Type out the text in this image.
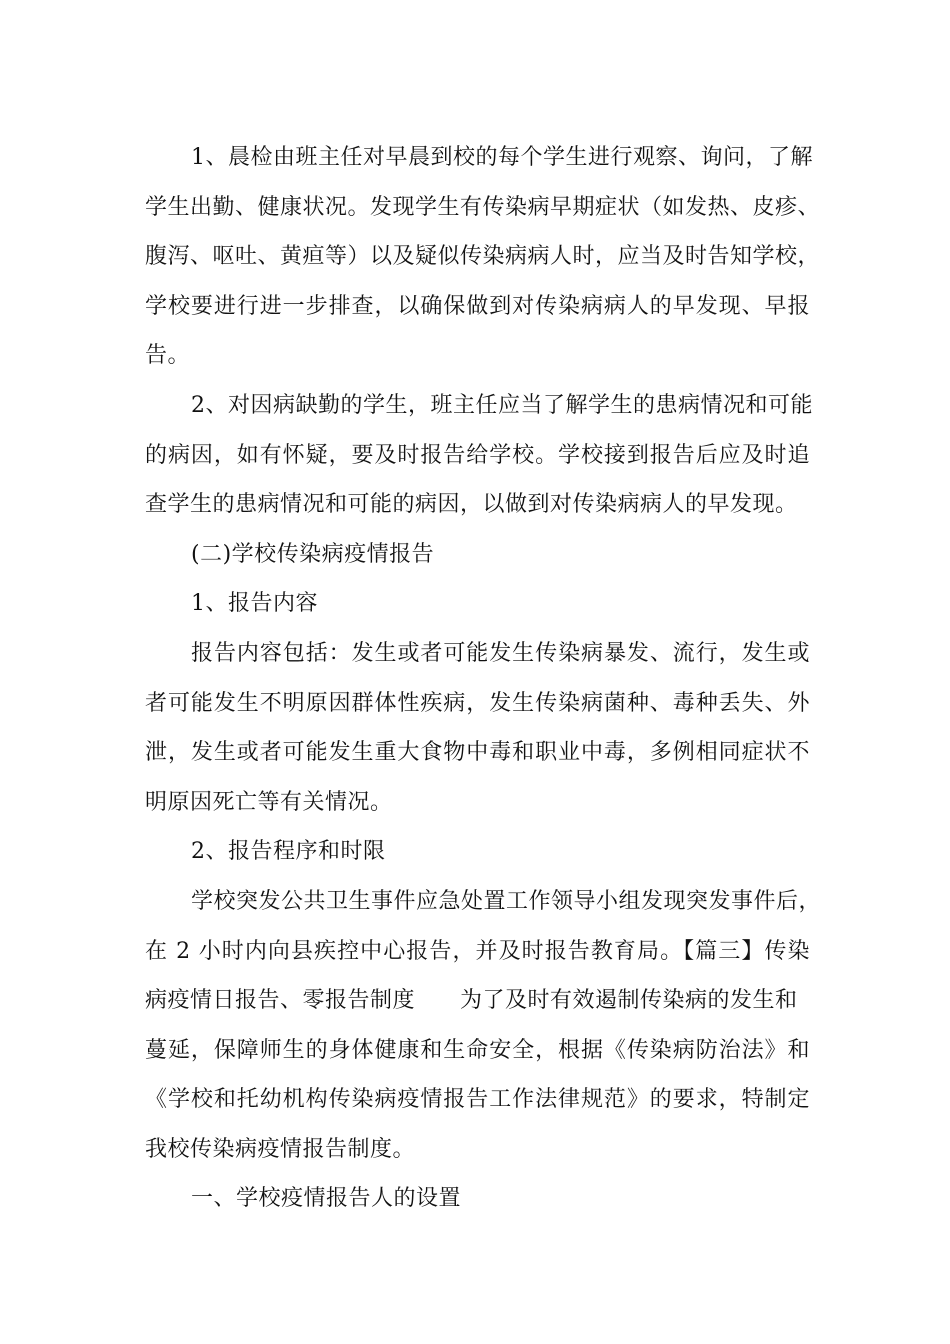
1、晨检由班主任对早晨到校的每个学生进行观察、询问，了解
学生出勤、健康状况。发现学生有传染病早期症状（如发热、皮疹、
腹泻、呕吐、黄疸等）以及疑似传染病病人时，应当及时告知学校，
学校要进行进一步排查，以确保做到对传染病病人的早发现、早报
告。
2、对因病缺勤的学生，班主任应当了解学生的患病情况和可能
的病因，如有怀疑，要及时报告给学校。学校接到报告后应及时追
查学生的患病情况和可能的病因，以做到对传染病病人的早发现。
(二)学校传染病疫情报告
1、报告内容
报告内容包括：发生或者可能发生传染病暴发、流行，发生或
者可能发生不明原因群体性疾病，发生传染病菌种、毒种丢失、外
泄，发生或者可能发生重大食物中毒和职业中毒，多例相同症状不
明原因死亡等有关情况。
2、报告程序和时限
学校突发公共卫生事件应急处置工作领导小组发现突发事件后，
在 2 小时内向县疾控中心报告，并及时报告教育局。【篇三】传染
病疫情日报告、零报告制度　　为了及时有效遏制传染病的发生和
蔓延，保障师生的身体健康和生命安全，根据《传染病防治法》和
《学校和托幼机构传染病疫情报告工作法律规范》的要求，特制定
我校传染病疫情报告制度。
一、学校疫情报告人的设置
